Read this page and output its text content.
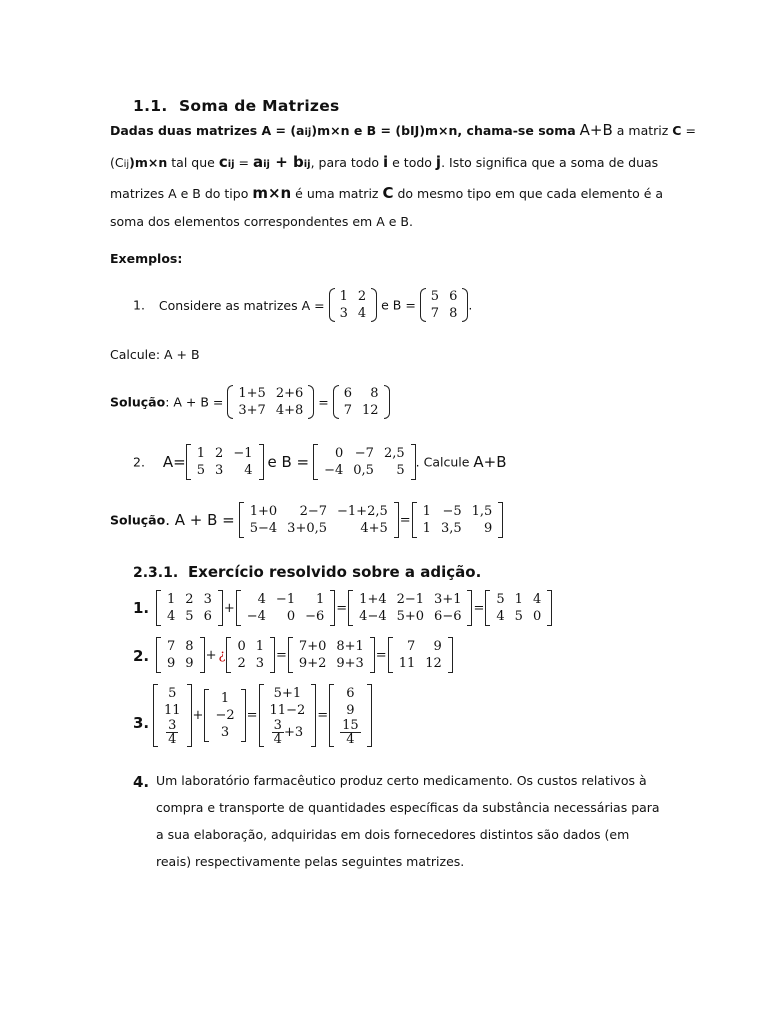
1.1. Soma de Matrizes
Dadas duas matrizes A = (aij)m×n e B = (bIJ)m×n, chama-se soma A+B a matriz C =
(Cij)m×n tal que cij = aij + bij, para todo i e todo j. Isto significa que a soma de duas
matrizes A e B do tipo m×n é uma matriz C do mesmo tipo em que cada elemento é a
soma dos elementos correspondentes em A e B.
Exemplos:
1. Considere as matrizes A =
1	2
3	4
e B =
5	6
7	8
.
Calcule: A + B
Solução: A + B =
1+5	2+6
3+7	4+8
=
6	8
7	12
2. A= 1	2	−1
5	3	4 e B = 0	−7	2,5
−4	0,5	5
. Calcule A+B
Solução. A + B = 1+0	2−7	−1+2,5
5−4	3+0,5	4+5
=
1	−5	1,5
1	3,5	9
2.3.1. Exercício resolvido sobre a adição.
1. 1	2	3
4	5	6
+
4	−1	1
−4	0	−6
=
1+4	2−1	3+1
4−4	5+0	6−6
=
5	1	4
4	5	0
2.
7	8
9	9
+ ¿
0	1
2	3
=
7+0	8+1
9+2	9+3
=
7	9
11	12
3.
5
11

$\frac{3}{4}$
+
1
−2
3
=
5+1
11−2

$\frac{3}{4} +3$
=
6
9

$\frac{15}{4}$
4. Um laboratório farmacêutico produz certo medicamento. Os custos relativos à
compra e transporte de quantidades específicas da substância necessárias para
a sua elaboração, adquiridas em dois fornecedores distintos são dados (em
reais) respectivamente pelas seguintes matrizes.
